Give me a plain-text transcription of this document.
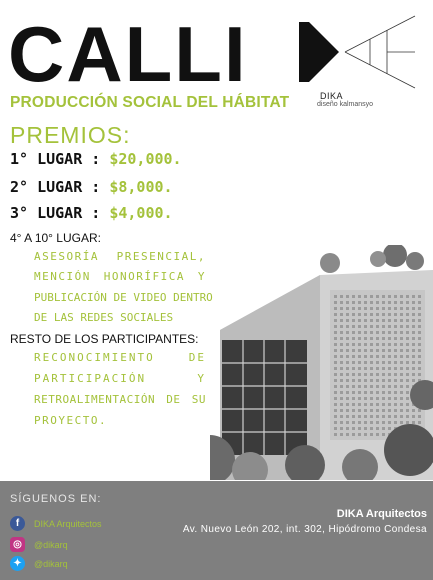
CALLI
PRODUCCIÓN SOCIAL DEL HÁBITAT	DIKA
diseño kalmansyo
PREMIOS:
1° LUGAR : $20,000.
2° LUGAR : $8,000.
3° LUGAR : $4,000.
4° A 10° LUGAR:
ASESORÍA PRESENCIAL,
MENCIÓN HONORÍFICA Y
PUBLICACIÓN DE VIDEO DENTRO
DE LAS REDES SOCIALES
RESTO DE LOS PARTICIPANTES:
RECONOCIMIENTO DE
PARTICIPACIÓN Y
RETROALIMENTACIÓN DE SU
PROYECTO.
SÍGUENOS EN:
f	DIKA Arquitectos
◎	@dikarq
✦	@dikarq
DIKA Arquitectos
Av. Nuevo León 202, int. 302, Hipódromo Condesa
